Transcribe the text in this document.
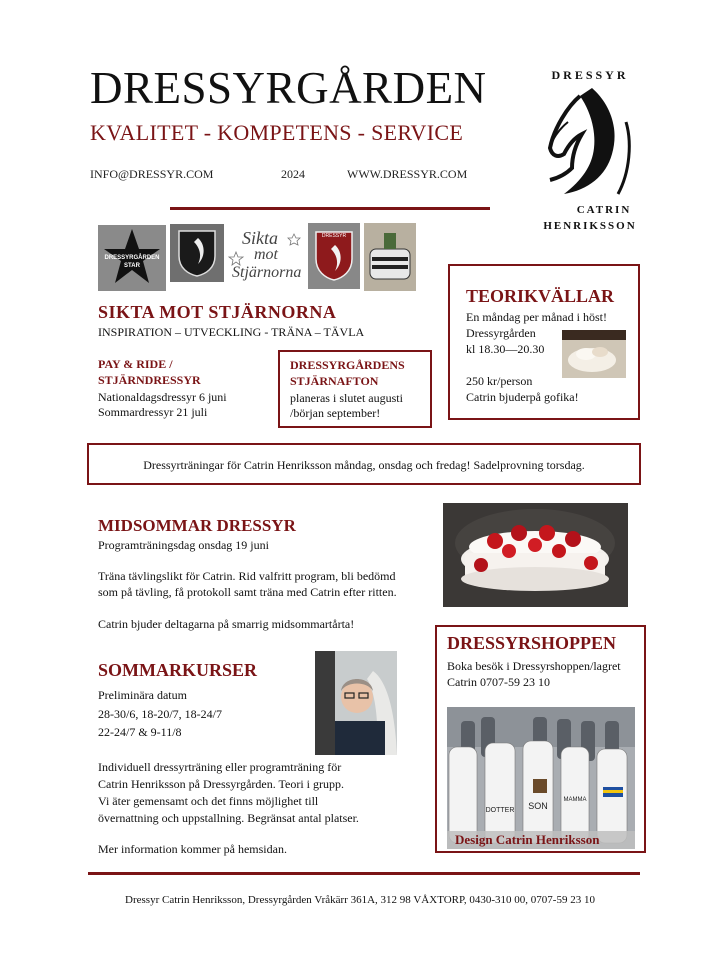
DRESSYRGÅRDEN
KVALITET - KOMPETENS - SERVICE
INFO@DRESSYR.COM	2024	WWW.DRESSYR.COM
DRESSYR
CATRIN
HENRIKSSON
DRESSYRGÅRDEN
STAR
Sikta
mot
Stjärnorna
DRESSYR
SIKTA MOT STJÄRNORNA
INSPIRATION – UTVECKLING - TRÄNA – TÄVLA
PAY & RIDE /
STJÄRNDRESSYR
Nationaldagsdressyr 6 juni
Sommardressyr 21 juli
DRESSYRGÅRDENS
STJÄRNAFTON
planeras i slutet augusti
/början september!
TEORIKVÄLLAR
En måndag per månad i höst!
Dressyrgården
kl 18.30—20.30
250 kr/person
Catrin bjuderpå gofika!
Dressyrträningar för Catrin Henriksson måndag, onsdag och fredag! Sadelprovning torsdag.
MIDSOMMAR DRESSYR
Programträningsdag onsdag 19 juni
Träna tävlingslikt för Catrin. Rid valfritt program, bli bedömd
som på tävling, få protokoll samt träna med Catrin efter ritten.
Catrin bjuder deltagarna på smarrig midsommartårta!
SOMMARKURSER
Preliminära datum
28-30/6, 18-20/7, 18-24/7
22-24/7 & 9-11/8
Individuell dressyrträning eller programträning för
Catrin Henriksson på Dressyrgården. Teori i grupp.
Vi äter gemensamt och det finns möjlighet till
övernattning och uppstallning. Begränsat antal platser.
Mer information kommer på hemsidan.
DRESSYRSHOPPEN
Boka besök i Dressyrshoppen/lagret
Catrin 0707-59 23 10
DOTTER	SON
MAMMA
Design Catrin Henriksson
Dressyr Catrin Henriksson, Dressyrgården Vråkärr 361A, 312 98 VÅXTORP, 0430-310 00, 0707-59 23 10
